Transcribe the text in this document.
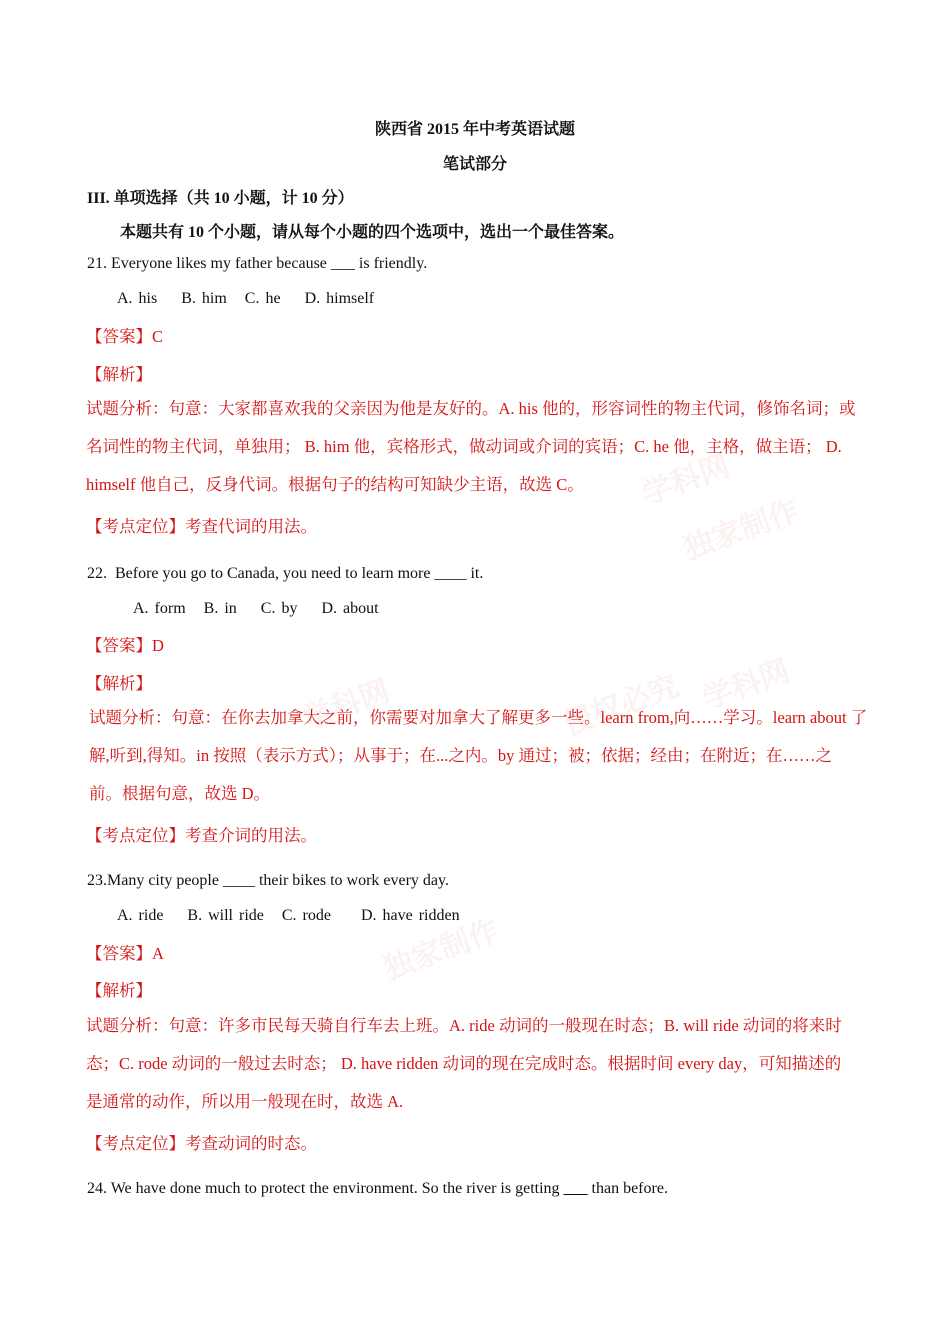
学科网
独家制作
学科网	侵权必究 学科网
独家制作
陕西省 2015 年中考英语试题
笔试部分
III. 单项选择（共 10 小题，计 10 分）
本题共有 10 个小题，请从每个小题的四个选项中，选出一个最佳答案。
21. Everyone likes my father because ___ is friendly.
A. his    B. him   C. he    D. himself
【答案】C
【解析】
试题分析：句意：大家都喜欢我的父亲因为他是友好的。A. his 他的，形容词性的物主代词，修饰名词；或
名词性的物主代词，单独用； B. him 他，宾格形式，做动词或介词的宾语；C. he 他，主格，做主语； D.
himself 他自己，反身代词。根据句子的结构可知缺少主语，故选 C。
【考点定位】考查代词的用法。
22.  Before you go to Canada, you need to learn more ____ it.
A. form   B. in    C. by    D. about
【答案】D
【解析】
试题分析：句意：在你去加拿大之前，你需要对加拿大了解更多一些。learn from,向……学习。learn about 了
解,听到,得知。in 按照（表示方式）；从事于；在...之内。by 通过；被；依据；经由；在附近；在……之
前。根据句意，故选 D。
【考点定位】考查介词的用法。
23.Many city people ____ their bikes to work every day.
A. ride    B. will ride   C. rode     D. have ridden
【答案】A
【解析】
试题分析：句意：许多市民每天骑自行车去上班。A. ride 动词的一般现在时态；B. will ride 动词的将来时
态；C. rode 动词的一般过去时态； D. have ridden 动词的现在完成时态。根据时间 every day，可知描述的
是通常的动作，所以用一般现在时，故选 A.
【考点定位】考查动词的时态。
24. We have done much to protect the environment. So the river is getting ___ than before.
